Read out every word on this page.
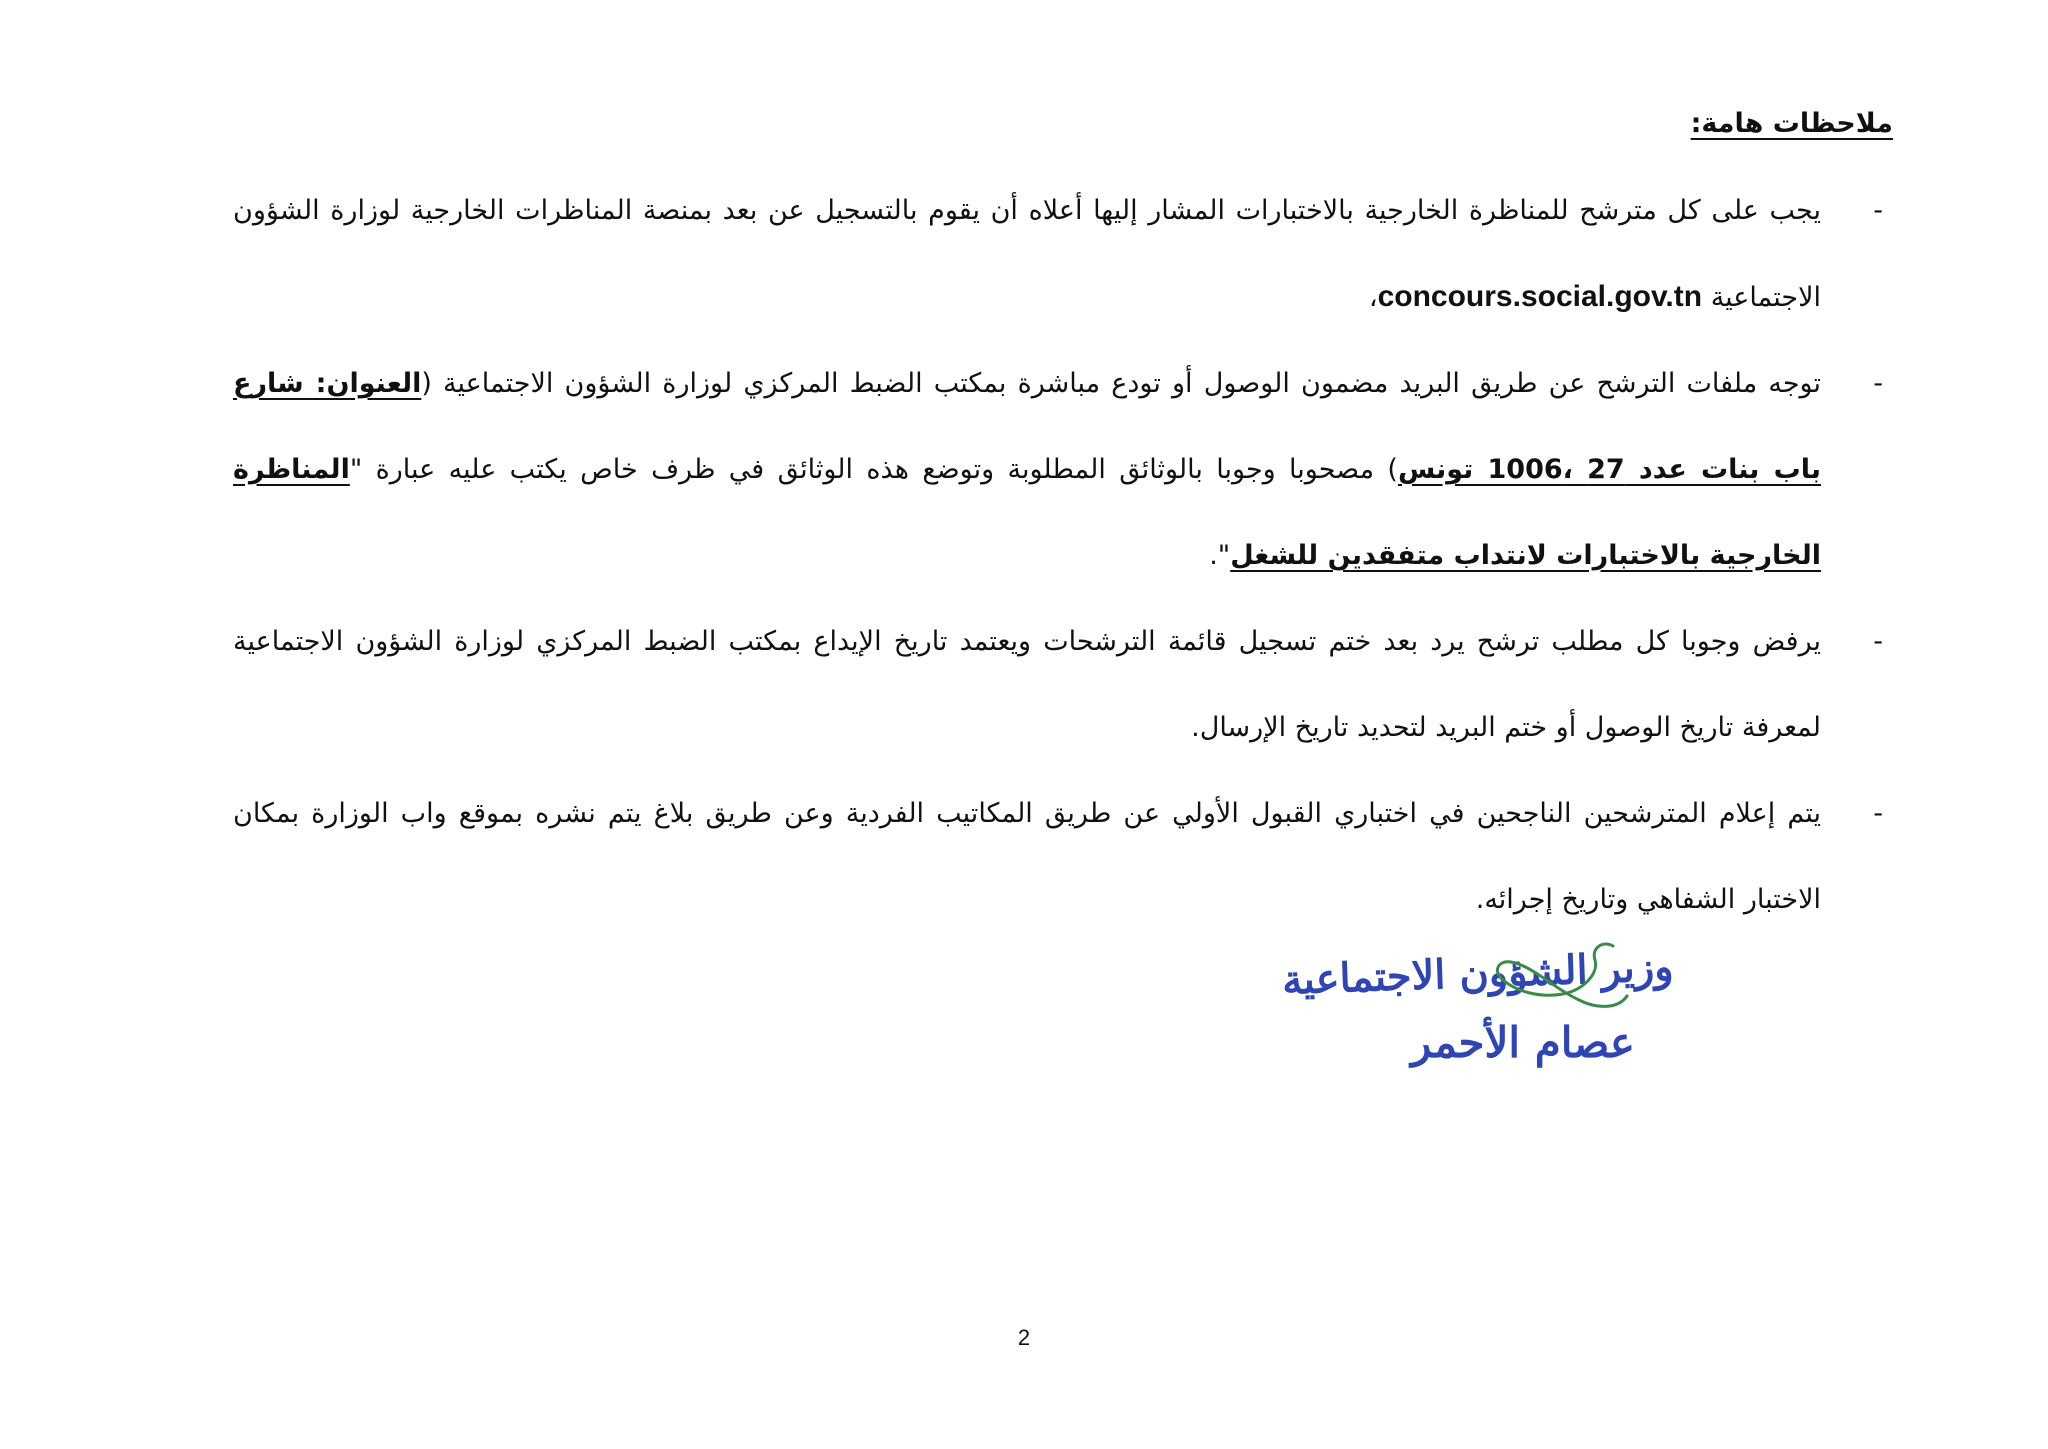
ملاحظات هامة:
-
يجب على كل مترشح للمناظرة الخارجية بالاختبارات المشار إليها أعلاه أن يقوم بالتسجيل عن بعد بمنصة المناظرات الخارجية لوزارة الشؤون الاجتماعية concours.social.gov.tn،
-
توجه ملفات الترشح عن طريق البريد مضمون الوصول أو تودع مباشرة بمكتب الضبط المركزي لوزارة الشؤون الاجتماعية (العنوان: شارع باب بنات عدد 27 ،1006 تونس) مصحوبا وجوبا بالوثائق المطلوبة وتوضع هذه الوثائق في ظرف خاص يكتب عليه عبارة "المناظرة الخارجية بالاختبارات لانتداب متفقدين للشغل".
-
يرفض وجوبا كل مطلب ترشح يرد بعد ختم تسجيل قائمة الترشحات ويعتمد تاريخ الإيداع بمكتب الضبط المركزي لوزارة الشؤون الاجتماعية لمعرفة تاريخ الوصول أو ختم البريد لتحديد تاريخ الإرسال.
-
يتم إعلام المترشحين الناجحين في اختباري القبول الأولي عن طريق المكاتيب الفردية وعن طريق بلاغ يتم نشره بموقع واب الوزارة بمكان الاختبار الشفاهي وتاريخ إجرائه.
وزير الشؤون الاجتماعية
عصام الأحمر
2
